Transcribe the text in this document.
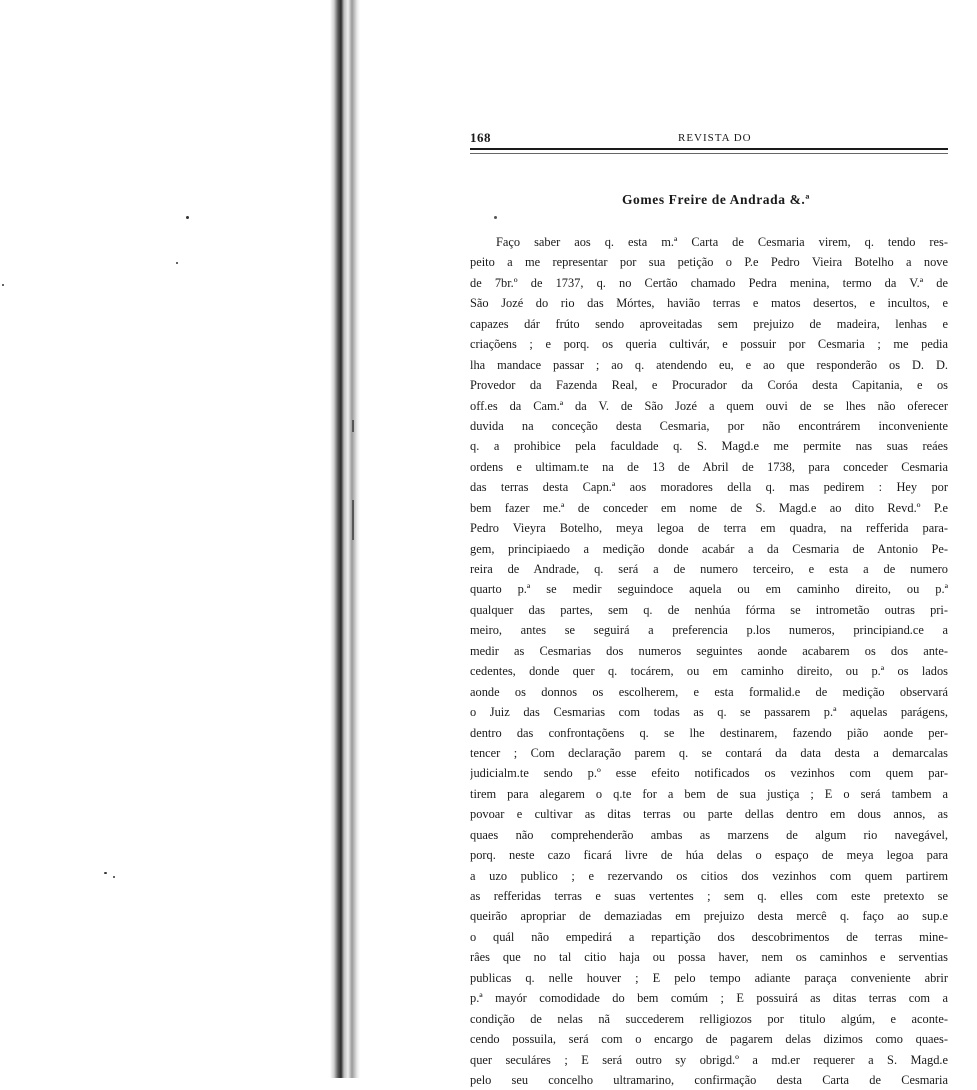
168	REVISTA DO
Gomes Freire de Andrada &.ª
Faço saber aos q. esta m.ª Carta de Cesmaria virem, q. tendo res-
peito a me representar por sua petição o P.e Pedro Vieira Botelho a nove
de 7br.º de 1737, q. no Certão chamado Pedra menina, termo da V.ª de
São Jozé do rio das Mórtes, havião terras e matos desertos, e incultos, e
capazes dár frúto sendo aproveitadas sem prejuizo de madeira, lenhas e
criaçõens ; e porq. os queria cultivár, e possuir por Cesmaria ; me pedia
lha mandace passar ; ao q. atendendo eu, e ao que responderão os D. D.
Provedor da Fazenda Real, e Procurador da Coróa desta Capitania, e os
off.es da Cam.ª da V. de São Jozé a quem ouvi de se lhes não oferecer
duvida na conceção desta Cesmaria, por não encontrárem inconveniente
q. a prohibice pela faculdade q. S. Magd.e me permite nas suas reáes
ordens e ultimam.te na de 13 de Abril de 1738, para conceder Cesmaria
das terras desta Capn.ª aos moradores della q. mas pedirem : Hey por
bem fazer me.ª de conceder em nome de S. Magd.e ao dito Revd.º P.e
Pedro Vieyra Botelho, meya legoa de terra em quadra, na refferida para-
gem, principiaedo a medição donde acabár a da Cesmaria de Antonio Pe-
reira de Andrade, q. será a de numero terceiro, e esta a de numero
quarto p.ª se medir seguindoce aquela ou em caminho direito, ou p.ª
qualquer das partes, sem q. de nenhúa fórma se intrometão outras pri-
meiro, antes se seguirá a preferencia p.los numeros, principiand.ce a
medir as Cesmarias dos numeros seguintes aonde acabarem os dos ante-
cedentes, donde quer q. tocárem, ou em caminho direito, ou p.ª os lados
aonde os donnos os escolherem, e esta formalid.e de medição observará
o Juiz das Cesmarias com todas as q. se passarem p.ª aquelas parágens,
dentro das confrontaçõens q. se lhe destinarem, fazendo pião aonde per-
tencer ; Com declaração parem q. se contará da data desta a demarcalas
judicialm.te sendo p.º esse efeito notificados os vezinhos com quem par-
tirem para alegarem o q.te for a bem de sua justiça ; E o será tambem a
povoar e cultivar as ditas terras ou parte dellas dentro em dous annos, as
quaes não comprehenderão ambas as marzens de algum rio navegável,
porq. neste cazo ficará livre de húa delas o espaço de meya legoa para
a uzo publico ; e rezervando os citios dos vezinhos com quem partirem
as refferidas terras e suas vertentes ; sem q. elles com este pretexto se
queirão apropriar de demaziadas em prejuizo desta mercê q. faço ao sup.e
o quál não empedirá a repartição dos descobrimentos de terras mine-
râes que no tal citio haja ou possa haver, nem os caminhos e serventias
publicas q. nelle houver ; E pelo tempo adiante paraça conveniente abrir
p.ª mayór comodidade do bem comúm ; E possuirá as ditas terras com a
condição de nelas nã succederem relligiozos por titulo algúm, e aconte-
cendo possuila, será com o encargo de pagarem delas dizimos como quaes-
quer seculáres ; E será outro sy obrigd.º a md.er requerer a S. Magd.e
pelo seu concelho ultramarino, confirmação desta Carta de Cesmaria
